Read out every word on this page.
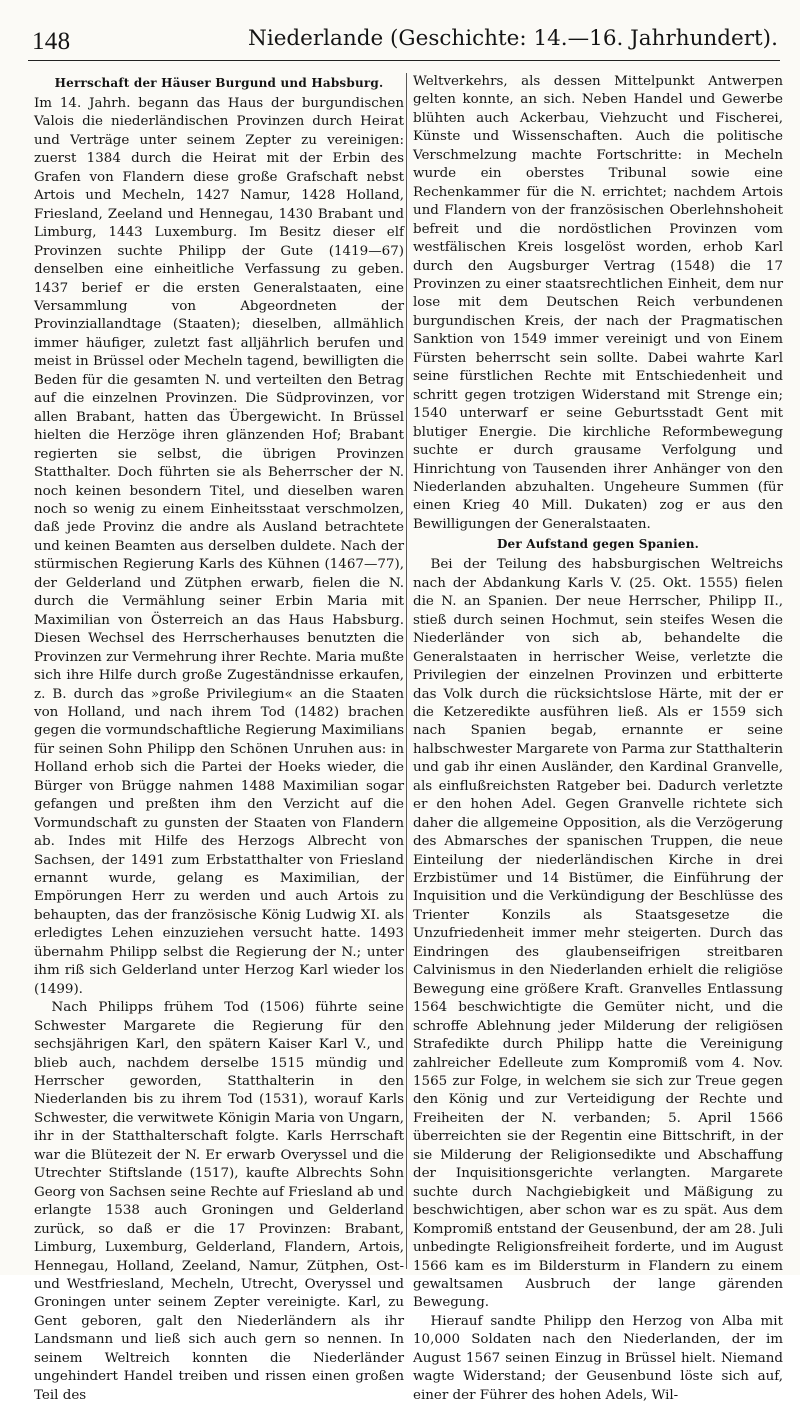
148	Niederlande (Geschichte: 14.—16. Jahrhundert).
Herrschaft der Häuser Burgund und Habsburg.

Im 14. Jahrh. begann das Haus der burgundischen Valois die niederländischen Provinzen durch Heirat und Verträge unter seinem Zepter zu vereinigen: zuerst 1384 durch die Heirat mit der Erbin des Grafen von Flandern diese große Grafschaft nebst Artois und Mecheln, 1427 Namur, 1428 Holland, Friesland, Zeeland und Hennegau, 1430 Brabant und Limburg, 1443 Luxemburg. Im Besitz dieser elf Provinzen suchte Philipp der Gute (1419—67) denselben eine einheitliche Verfassung zu geben. 1437 berief er die ersten Generalstaaten, eine Versammlung von Abgeordneten der Provinziallandtage (Staaten); dieselben, allmählich immer häufiger, zuletzt fast alljährlich berufen und meist in Brüssel oder Mecheln tagend, bewilligten die Beden für die gesamten N. und verteilten den Betrag auf die einzelnen Provinzen. Die Südprovinzen, vor allen Brabant, hatten das Übergewicht. In Brüssel hielten die Herzöge ihren glänzenden Hof; Brabant regierten sie selbst, die übrigen Provinzen Statthalter. Doch führten sie als Beherrscher der N. noch keinen besondern Titel, und dieselben waren noch so wenig zu einem Einheitsstaat verschmolzen, daß jede Provinz die andre als Ausland betrachtete und keinen Beamten aus derselben duldete. Nach der stürmischen Regierung Karls des Kühnen (1467—77), der Gelderland und Zütphen erwarb, fielen die N. durch die Vermählung seiner Erbin Maria mit Maximilian von Österreich an das Haus Habsburg. Diesen Wechsel des Herrscherhauses benutzten die Provinzen zur Vermehrung ihrer Rechte. Maria mußte sich ihre Hilfe durch große Zugeständnisse erkaufen, z. B. durch das »große Privilegium« an die Staaten von Holland, und nach ihrem Tod (1482) brachen gegen die vormundschaftliche Regierung Maximilians für seinen Sohn Philipp den Schönen Unruhen aus: in Holland erhob sich die Partei der Hoeks wieder, die Bürger von Brügge nahmen 1488 Maximilian sogar gefangen und preßten ihm den Verzicht auf die Vormundschaft zu gunsten der Staaten von Flandern ab. Indes mit Hilfe des Herzogs Albrecht von Sachsen, der 1491 zum Erbstatthalter von Friesland ernannt wurde, gelang es Maximilian, der Empörungen Herr zu werden und auch Artois zu behaupten, das der französische König Ludwig XI. als erledigtes Lehen einzuziehen versucht hatte. 1493 übernahm Philipp selbst die Regierung der N.; unter ihm riß sich Gelderland unter Herzog Karl wieder los (1499).

Nach Philipps frühem Tod (1506) führte seine Schwester Margarete die Regierung für den sechsjährigen Karl, den spätern Kaiser Karl V., und blieb auch, nachdem derselbe 1515 mündig und Herrscher geworden, Statthalterin in den Niederlanden bis zu ihrem Tod (1531), worauf Karls Schwester, die verwitwete Königin Maria von Ungarn, ihr in der Statthalterschaft folgte. Karls Herrschaft war die Blütezeit der N. Er erwarb Overyssel und die Utrechter Stiftslande (1517), kaufte Albrechts Sohn Georg von Sachsen seine Rechte auf Friesland ab und erlangte 1538 auch Groningen und Gelderland zurück, so daß er die 17 Provinzen: Brabant, Limburg, Luxemburg, Gelderland, Flandern, Artois, Hennegau, Holland, Zeeland, Namur, Zütphen, Ost- und Westfriesland, Mecheln, Utrecht, Overyssel und Groningen unter seinem Zepter vereinigte. Karl, zu Gent geboren, galt den Niederländern als ihr Landsmann und ließ sich auch gern so nennen. In seinem Weltreich konnten die Niederländer ungehindert Handel treiben und rissen einen großen Teil des

Weltverkehrs, als dessen Mittelpunkt Antwerpen gelten konnte, an sich. Neben Handel und Gewerbe blühten auch Ackerbau, Viehzucht und Fischerei, Künste und Wissenschaften. Auch die politische Verschmelzung machte Fortschritte: in Mecheln wurde ein oberstes Tribunal sowie eine Rechenkammer für die N. errichtet; nachdem Artois und Flandern von der französischen Oberlehnshoheit befreit und die nordöstlichen Provinzen vom westfälischen Kreis losgelöst worden, erhob Karl durch den Augsburger Vertrag (1548) die 17 Provinzen zu einer staatsrechtlichen Einheit, dem nur lose mit dem Deutschen Reich verbundenen burgundischen Kreis, der nach der Pragmatischen Sanktion von 1549 immer vereinigt und von Einem Fürsten beherrscht sein sollte. Dabei wahrte Karl seine fürstlichen Rechte mit Entschiedenheit und schritt gegen trotzigen Widerstand mit Strenge ein; 1540 unterwarf er seine Geburtsstadt Gent mit blutiger Energie. Die kirchliche Reformbewegung suchte er durch grausame Verfolgung und Hinrichtung von Tausenden ihrer Anhänger von den Niederlanden abzuhalten. Ungeheure Summen (für einen Krieg 40 Mill. Dukaten) zog er aus den Bewilligungen der Generalstaaten.

Der Aufstand gegen Spanien.

Bei der Teilung des habsburgischen Weltreichs nach der Abdankung Karls V. (25. Okt. 1555) fielen die N. an Spanien. Der neue Herrscher, Philipp II., stieß durch seinen Hochmut, sein steifes Wesen die Niederländer von sich ab, behandelte die Generalstaaten in herrischer Weise, verletzte die Privilegien der einzelnen Provinzen und erbitterte das Volk durch die rücksichtslose Härte, mit der er die Ketzeredikte ausführen ließ. Als er 1559 sich nach Spanien begab, ernannte er seine halbschwester Margarete von Parma zur Statthalterin und gab ihr einen Ausländer, den Kardinal Granvelle, als einflußreichsten Ratgeber bei. Dadurch verletzte er den hohen Adel. Gegen Granvelle richtete sich daher die allgemeine Opposition, als die Verzögerung des Abmarsches der spanischen Truppen, die neue Einteilung der niederländischen Kirche in drei Erzbistümer und 14 Bistümer, die Einführung der Inquisition und die Verkündigung der Beschlüsse des Trienter Konzils als Staatsgesetze die Unzufriedenheit immer mehr steigerten. Durch das Eindringen des glaubenseifrigen streitbaren Calvinismus in den Niederlanden erhielt die religiöse Bewegung eine größere Kraft. Granvelles Entlassung 1564 beschwichtigte die Gemüter nicht, und die schroffe Ablehnung jeder Milderung der religiösen Strafedikte durch Philipp hatte die Vereinigung zahlreicher Edelleute zum Kompromiß vom 4. Nov. 1565 zur Folge, in welchem sie sich zur Treue gegen den König und zur Verteidigung der Rechte und Freiheiten der N. verbanden; 5. April 1566 überreichten sie der Regentin eine Bittschrift, in der sie Milderung der Religionsedikte und Abschaffung der Inquisitionsgerichte verlangten. Margarete suchte durch Nachgiebigkeit und Mäßigung zu beschwichtigen, aber schon war es zu spät. Aus dem Kompromiß entstand der Geusenbund, der am 28. Juli unbedingte Religionsfreiheit forderte, und im August 1566 kam es im Bildersturm in Flandern zu einem gewaltsamen Ausbruch der lange gärenden Bewegung.

Hierauf sandte Philipp den Herzog von Alba mit 10,000 Soldaten nach den Niederlanden, der im August 1567 seinen Einzug in Brüssel hielt. Niemand wagte Widerstand; der Geusenbund löste sich auf, einer der Führer des hohen Adels, Wil-
